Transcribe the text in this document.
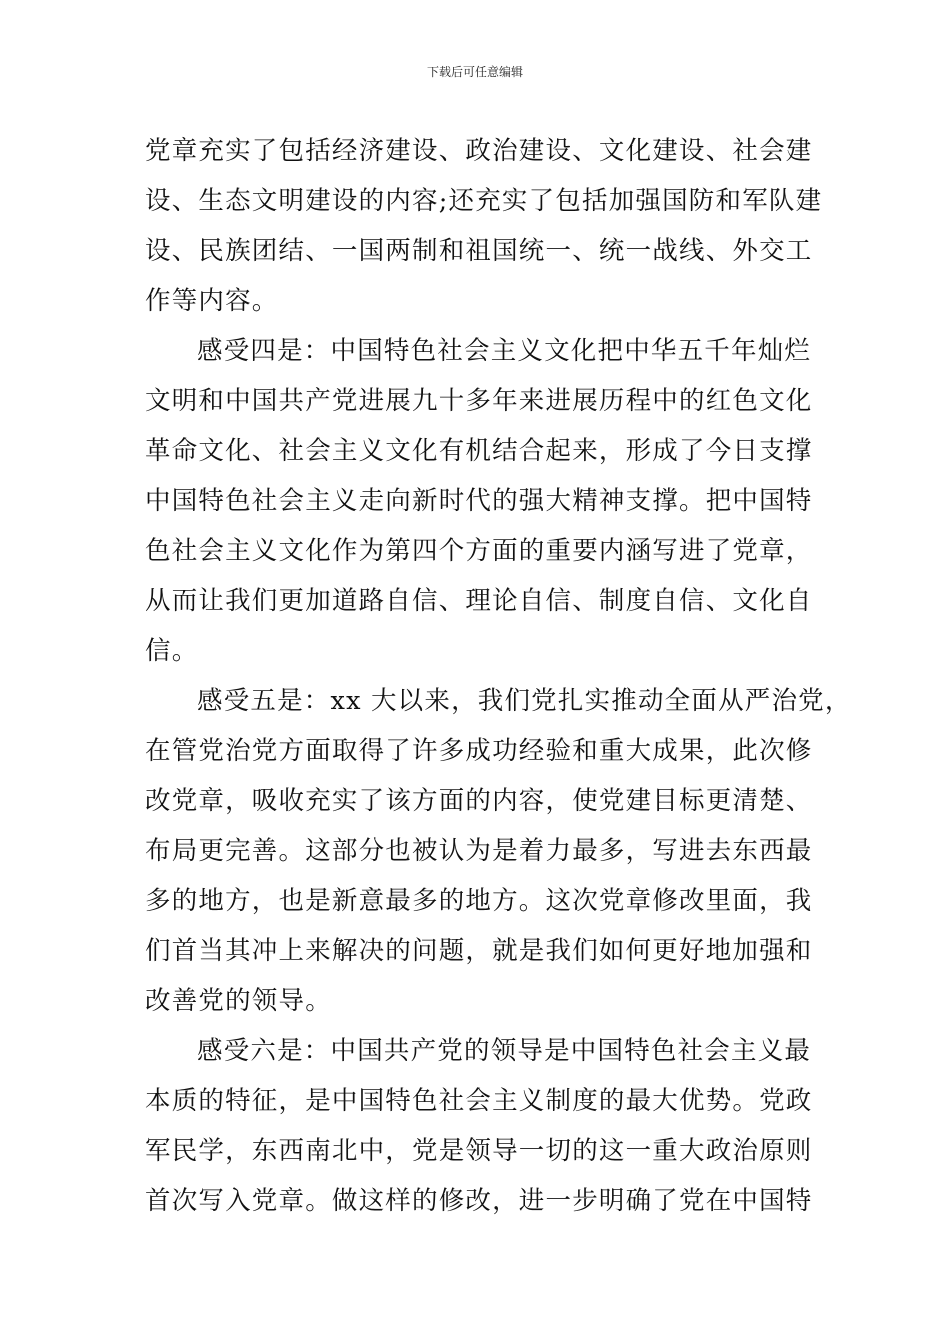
下载后可任意编辑
党章充实了包括经济建设、政治建设、文化建设、社会建
设、生态文明建设的内容;还充实了包括加强国防和军队建
设、民族团结、一国两制和祖国统一、统一战线、外交工
作等内容。
感受四是：中国特色社会主义文化把中华五千年灿烂
文明和中国共产党进展九十多年来进展历程中的红色文化
革命文化、社会主义文化有机结合起来，形成了今日支撑
中国特色社会主义走向新时代的强大精神支撑。把中国特
色社会主义文化作为第四个方面的重要内涵写进了党章，
从而让我们更加道路自信、理论自信、制度自信、文化自
信。
感受五是：xx 大以来，我们党扎实推动全面从严治党，
在管党治党方面取得了许多成功经验和重大成果，此次修
改党章，吸收充实了该方面的内容，使党建目标更清楚、
布局更完善。这部分也被认为是着力最多，写进去东西最
多的地方，也是新意最多的地方。这次党章修改里面，我
们首当其冲上来解决的问题，就是我们如何更好地加强和
改善党的领导。
感受六是：中国共产党的领导是中国特色社会主义最
本质的特征，是中国特色社会主义制度的最大优势。党政
军民学，东西南北中，党是领导一切的这一重大政治原则
首次写入党章。做这样的修改，进一步明确了党在中国特
